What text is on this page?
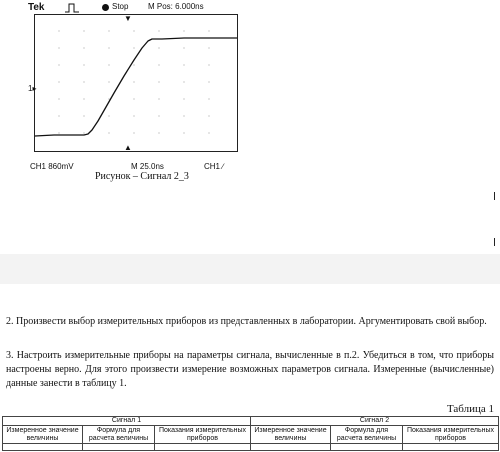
Tek	Stop M Pos: 6.000ns
▼
▲
1▸
CH1 860mV	M 25.0ns	CH1 ∕
Рисунок – Сигнал 2_3

2. Произвести выбор измерительных приборов из представленных в лаборатории. Аргументировать свой выбор.

3. Настроить измерительные приборы на параметры сигнала, вычисленные в п.2. Убедиться в том, что приборы настроены верно. Для этого произвести измерение возможных параметров сигнала. Измеренные (вычисленные) данные занести в таблицу 1.

Таблица 1
Сигнал 1			Сигнал 2		
Измеренное значение величины	Формула для расчета величины	Показания измерительных приборов	Измеренное значение величины	Формула для расчета величины	Показания измерительных приборов
